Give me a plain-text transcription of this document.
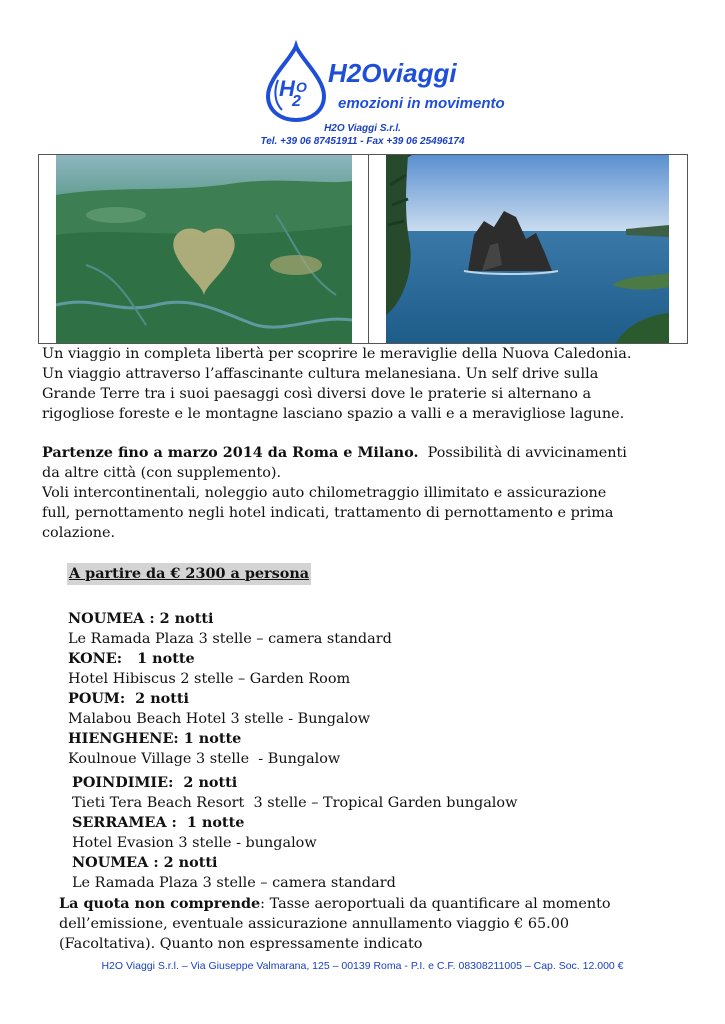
H
2
O H2Oviaggi
emozioni in movimento
H2O Viaggi S.r.l.
Tel. +39 06 87451911 - Fax +39 06 25496174
Un viaggio in completa libertà per scoprire le meraviglie della Nuova Caledonia.
Un viaggio attraverso l’affascinante cultura melanesiana. Un self drive sulla
Grande Terre tra i suoi paesaggi così diversi dove le praterie si alternano a
rigogliose foreste e le montagne lasciano spazio a valli e a meravigliose lagune.
Partenze fino a marzo 2014 da Roma e Milano.  Possibilità di avvicinamenti
da altre città (con supplemento).
Voli intercontinentali, noleggio auto chilometraggio illimitato e assicurazione
full, pernottamento negli hotel indicati, trattamento di pernottamento e prima
colazione.
A partire da € 2300 a persona
NOUMEA : 2 notti
Le Ramada Plaza 3 stelle – camera standard
KONE:   1 notte
Hotel Hibiscus 2 stelle – Garden Room
POUM:  2 notti
Malabou Beach Hotel 3 stelle - Bungalow
HIENGHENE: 1 notte
Koulnoue Village 3 stelle  - Bungalow
POINDIMIE:  2 notti
Tieti Tera Beach Resort  3 stelle – Tropical Garden bungalow
SERRAMEA :  1 notte
Hotel Evasion 3 stelle - bungalow
NOUMEA : 2 notti
Le Ramada Plaza 3 stelle – camera standard
La quota non comprende: Tasse aeroportuali da quantificare al momento
dell’emissione, eventuale assicurazione annullamento viaggio € 65.00
(Facoltativa). Quanto non espressamente indicato
H2O Viaggi S.r.l. – Via Giuseppe Valmarana, 125 – 00139 Roma - P.I. e C.F. 08308211005 – Cap. Soc. 12.000 €
